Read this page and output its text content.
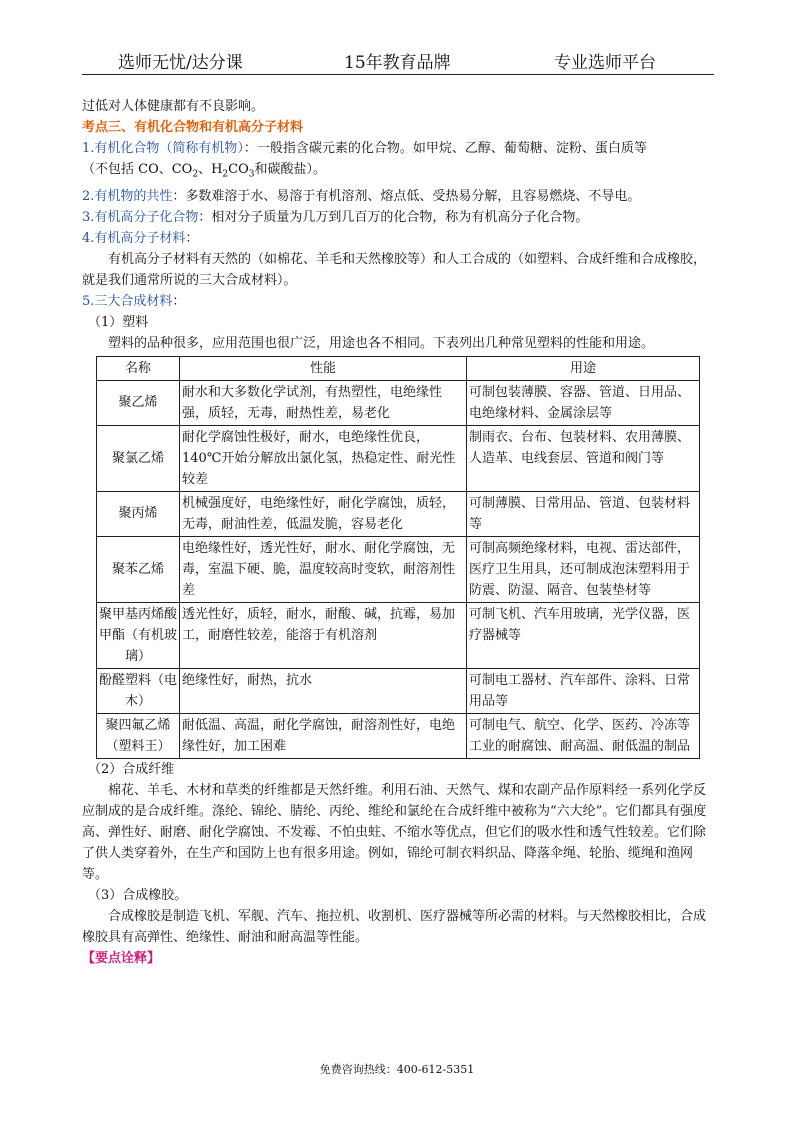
选师无忧/达分课	15年教育品牌	专业选师平台
过低对人体健康都有不良影响。
考点三、有机化合物和有机高分子材料
1.有机化合物（简称有机物）：一般指含碳元素的化合物。如甲烷、乙醇、葡萄糖、淀粉、蛋白质等
（不包括 CO、$CO_2$、$H_2CO_3$和碳酸盐）。
2.有机物的共性：多数难溶于水、易溶于有机溶剂、熔点低、受热易分解，且容易燃烧、不导电。
3.有机高分子化合物：相对分子质量为几万到几百万的化合物，称为有机高分子化合物。
4.有机高分子材料：
有机高分子材料有天然的（如棉花、羊毛和天然橡胶等）和人工合成的（如塑料、合成纤维和合成橡胶，就是我们通常所说的三大合成材料）。
5.三大合成材料：
（1）塑料
塑料的品种很多，应用范围也很广泛，用途也各不相同。下表列出几种常见塑料的性能和用途。
名称	性能	用途
聚乙烯	耐水和大多数化学试剂，有热塑性，电绝缘性强，质轻，无毒，耐热性差，易老化	可制包装薄膜、容器、管道、日用品、电绝缘材料、金属涂层等
聚氯乙烯	耐化学腐蚀性极好，耐水，电绝缘性优良，140℃开始分解放出氯化氢，热稳定性、耐光性较差	制雨衣、台布、包装材料、农用薄膜、人造革、电线套层、管道和阀门等
聚丙烯	机械强度好，电绝缘性好，耐化学腐蚀，质轻，无毒，耐油性差，低温发脆，容易老化	可制薄膜、日常用品、管道、包装材料等
聚苯乙烯	电绝缘性好，透光性好，耐水、耐化学腐蚀，无毒，室温下硬、脆，温度较高时变软，耐溶剂性差	可制高频绝缘材料，电视、雷达部件，医疗卫生用具，还可制成泡沫塑料用于防震、防湿、隔音、包装垫材等
聚甲基丙烯酸甲酯（有机玻璃）	透光性好，质轻，耐水，耐酸、碱，抗霉，易加工，耐磨性较差，能溶于有机溶剂	可制飞机、汽车用玻璃，光学仪器，医疗器械等
酚醛塑料（电木）	绝缘性好，耐热，抗水	可制电工器材、汽车部件、涂料、日常用品等
聚四氟乙烯（塑料王）	耐低温、高温，耐化学腐蚀，耐溶剂性好，电绝缘性好，加工困难	可制电气、航空、化学、医药、冷冻等工业的耐腐蚀、耐高温、耐低温的制品
（2）合成纤维
棉花、羊毛、木材和草类的纤维都是天然纤维。利用石油、天然气、煤和农副产品作原料经一系列化学反应制成的是合成纤维。涤纶、锦纶、腈纶、丙纶、维纶和氯纶在合成纤维中被称为“六大纶”。它们都具有强度高、弹性好、耐磨、耐化学腐蚀、不发霉、不怕虫蛀、不缩水等优点，但它们的吸水性和透气性较差。它们除了供人类穿着外，在生产和国防上也有很多用途。例如，锦纶可制衣料织品、降落伞绳、轮胎、缆绳和渔网等。
（3）合成橡胶。
合成橡胶是制造飞机、军舰、汽车、拖拉机、收割机、医疗器械等所必需的材料。与天然橡胶相比，合成橡胶具有高弹性、绝缘性、耐油和耐高温等性能。
【要点诠释】
免费咨询热线：400-612-5351
